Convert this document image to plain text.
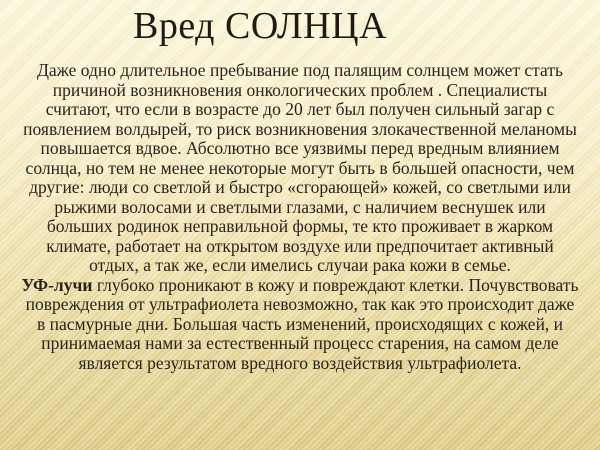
Вред СОЛНЦА
Даже одно длительное пребывание под палящим солнцем может стать
причиной возникновения онкологических проблем . Специалисты
считают, что если в возрасте до 20 лет был получен сильный загар с
появлением волдырей, то риск возникновения злокачественной меланомы
повышается вдвое. Абсолютно все уязвимы перед вредным влиянием
солнца, но тем не менее некоторые могут быть в большей опасности, чем
другие: люди со светлой и быстро «сгорающей» кожей, со светлыми или
рыжими волосами и светлыми глазами, с наличием веснушек или
больших родинок неправильной формы, те кто проживает в жарком
климате, работает на открытом воздухе или предпочитает активный
отдых, а так же, если имелись случаи рака кожи в семье.
УФ-лучи глубоко проникают в кожу и повреждают клетки. Почувствовать
повреждения от ультрафиолета невозможно, так как это происходит даже
в пасмурные дни. Большая часть изменений, происходящих с кожей, и
принимаемая нами за естественный процесс старения, на самом деле
является результатом вредного воздействия ультрафиолета.
